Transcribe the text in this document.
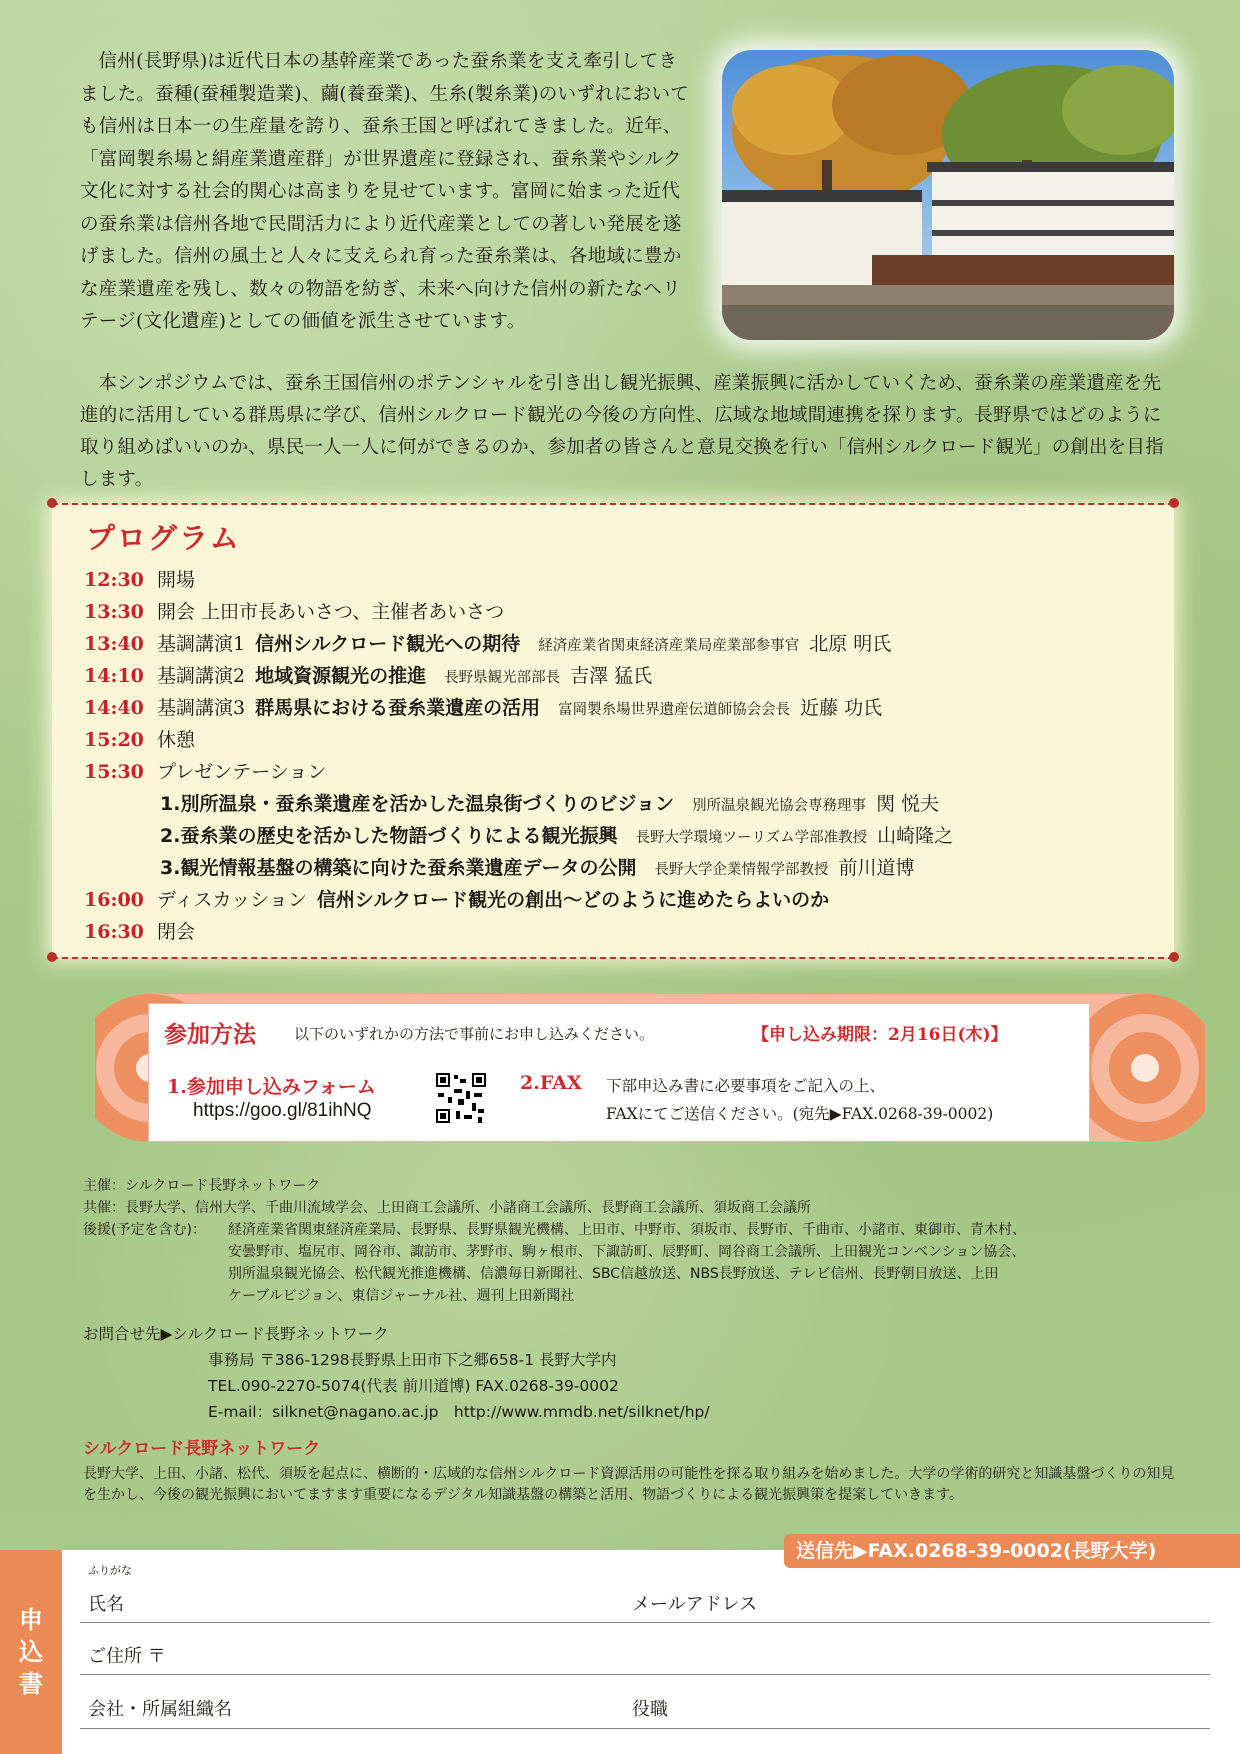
信州(長野県)は近代日本の基幹産業であった蚕糸業を支え牽引してきました。蚕種(蚕種製造業)、繭(養蚕業)、生糸(製糸業)のいずれにおいても信州は日本一の生産量を誇り、蚕糸王国と呼ばれてきました。近年、「富岡製糸場と絹産業遺産群」が世界遺産に登録され、蚕糸業やシルク文化に対する社会的関心は高まりを見せています。富岡に始まった近代の蚕糸業は信州各地で民間活力により近代産業としての著しい発展を遂げました。信州の風土と人々に支えられ育った蚕糸業は、各地域に豊かな産業遺産を残し、数々の物語を紡ぎ、未来へ向けた信州の新たなヘリテージ(文化遺産)としての価値を派生させています。

本シンポジウムでは、蚕糸王国信州のポテンシャルを引き出し観光振興、産業振興に活かしていくため、蚕糸業の産業遺産を先進的に活用している群馬県に学び、信州シルクロード観光の今後の方向性、広域な地域間連携を探ります。長野県ではどのように取り組めばいいのか、県民一人一人に何ができるのか、参加者の皆さんと意見交換を行い「信州シルクロード観光」の創出を目指します。

プログラム
12:30 開場
13:30 開会 上田市長あいさつ、主催者あいさつ
13:40 基調講演1 信州シルクロード観光への期待 経済産業省関東経済産業局産業部参事官 北原 明氏
14:10 基調講演2 地域資源観光の推進 長野県観光部部長 吉澤 猛氏
14:40 基調講演3 群馬県における蚕糸業遺産の活用 富岡製糸場世界遺産伝道師協会会長 近藤 功氏
15:20 休憩
15:30 プレゼンテーション
1.別所温泉・蚕糸業遺産を活かした温泉街づくりのビジョン 別所温泉観光協会専務理事 関 悦夫
2.蚕糸業の歴史を活かした物語づくりによる観光振興 長野大学環境ツーリズム学部准教授 山崎隆之
3.観光情報基盤の構築に向けた蚕糸業遺産データの公開 長野大学企業情報学部教授 前川道博
16:00 ディスカッション 信州シルクロード観光の創出～どのように進めたらよいのか
16:30 閉会
参加方法	以下のいずれかの方法で事前にお申し込みください。	【申し込み期限：2月16日(木)】
1.参加申し込みフォーム
https://goo.gl/81ihNQ
2.FAX 下部申込み書に必要事項をご記入の上、
FAXにてご送信ください。(宛先▶FAX.0268-39-0002)
主催：シルクロード長野ネットワーク
共催：長野大学、信州大学、千曲川流域学会、上田商工会議所、小諸商工会議所、長野商工会議所、須坂商工会議所
後援(予定を含む)： 経済産業省関東経済産業局、長野県、長野県観光機構、上田市、中野市、須坂市、長野市、千曲市、小諸市、東御市、青木村、
安曇野市、塩尻市、岡谷市、諏訪市、茅野市、駒ヶ根市、下諏訪町、辰野町、岡谷商工会議所、上田観光コンベンション協会、
別所温泉観光協会、松代観光推進機構、信濃毎日新聞社、SBC信越放送、NBS長野放送、テレビ信州、長野朝日放送、上田
ケーブルビジョン、東信ジャーナル社、週刊上田新聞社
お問合せ先▶シルクロード長野ネットワーク
事務局 〒386-1298長野県上田市下之郷658-1 長野大学内
TEL.090-2270-5074(代表 前川道博) FAX.0268-39-0002
E-mail：silknet@nagano.ac.jp　http://www.mmdb.net/silknet/hp/
シルクロード長野ネットワーク
長野大学、上田、小諸、松代、須坂を起点に、横断的・広域的な信州シルクロード資源活用の可能性を探る取り組みを始めました。大学の学術的研究と知識基盤づくりの知見を生かし、今後の観光振興においてますます重要になるデジタル知識基盤の構築と活用、物語づくりによる観光振興策を提案していきます。
申
込
書
送信先▶FAX.0268-39-0002(長野大学)
ふりがな
氏名	メールアドレス
ご住所 〒
会社・所属組織名	役職
